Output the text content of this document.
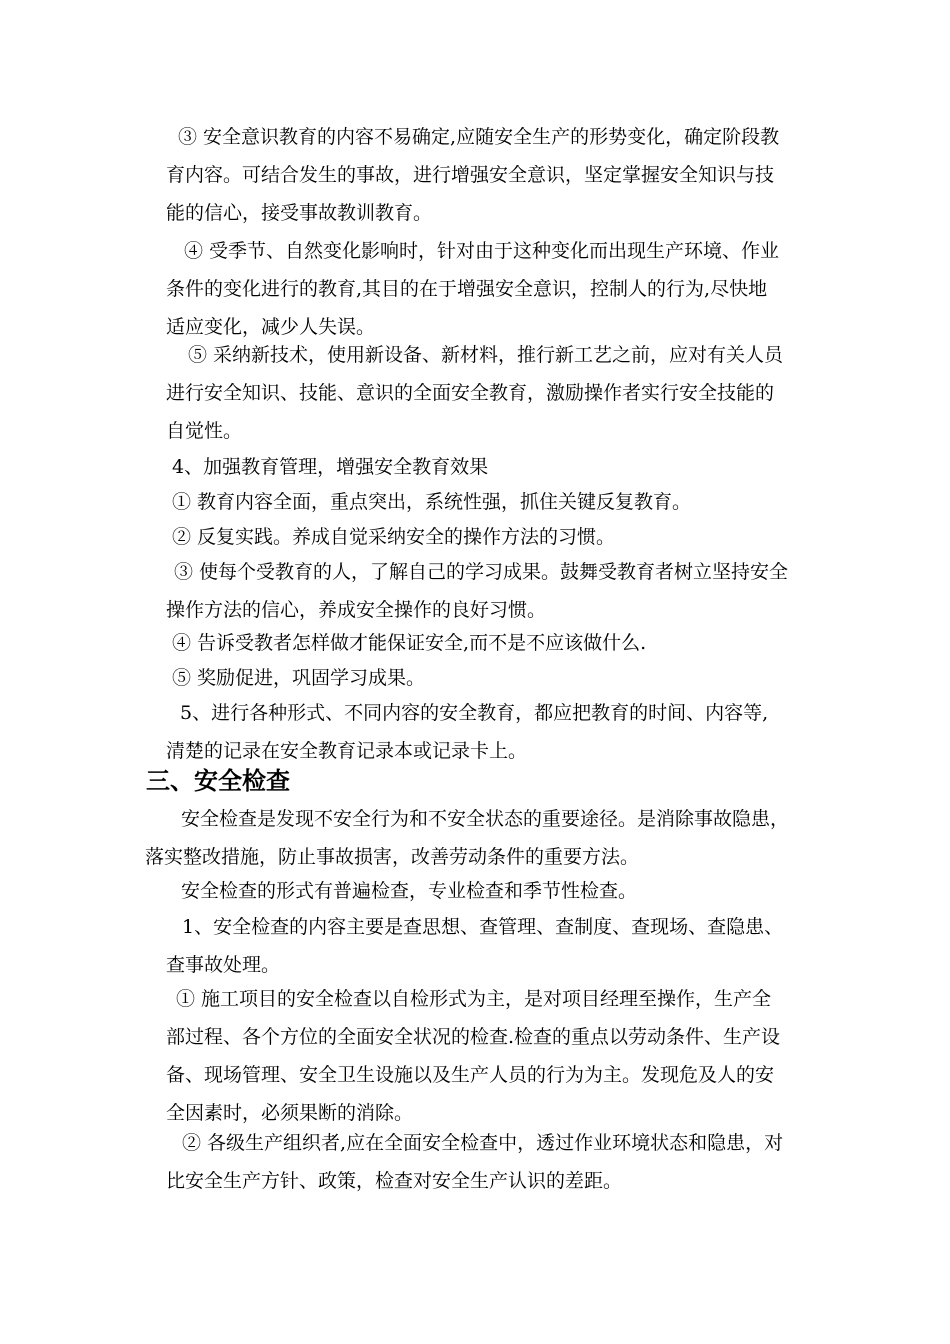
③ 安全意识教育的内容不易确定,应随安全生产的形势变化，确定阶段教
育内容。可结合发生的事故，进行增强安全意识，坚定掌握安全知识与技
能的信心，接受事故教训教育。
④ 受季节、自然变化影响时，针对由于这种变化而出现生产环境、作业
条件的变化进行的教育,其目的在于增强安全意识，控制人的行为,尽快地
适应变化，减少人失误。
⑤ 采纳新技术，使用新设备、新材料，推行新工艺之前，应对有关人员
进行安全知识、技能、意识的全面安全教育，激励操作者实行安全技能的
自觉性。
4、加强教育管理，增强安全教育效果
① 教育内容全面，重点突出，系统性强，抓住关键反复教育。
② 反复实践。养成自觉采纳安全的操作方法的习惯。
③ 使每个受教育的人，了解自己的学习成果。鼓舞受教育者树立坚持安全
操作方法的信心，养成安全操作的良好习惯。
④ 告诉受教者怎样做才能保证安全,而不是不应该做什么.
⑤ 奖励促进，巩固学习成果。
5、进行各种形式、不同内容的安全教育，都应把教育的时间、内容等,
清楚的记录在安全教育记录本或记录卡上。
三、安全检查
安全检查是发现不安全行为和不安全状态的重要途径。是消除事故隐患，
落实整改措施，防止事故损害，改善劳动条件的重要方法。
安全检查的形式有普遍检查，专业检查和季节性检查。
1、安全检查的内容主要是查思想、查管理、查制度、查现场、查隐患、
查事故处理。
① 施工项目的安全检查以自检形式为主，是对项目经理至操作，生产全
部过程、各个方位的全面安全状况的检查.检查的重点以劳动条件、生产设
备、现场管理、安全卫生设施以及生产人员的行为为主。发现危及人的安
全因素时，必须果断的消除。
② 各级生产组织者,应在全面安全检查中，透过作业环境状态和隐患，对
比安全生产方针、政策，检查对安全生产认识的差距。
